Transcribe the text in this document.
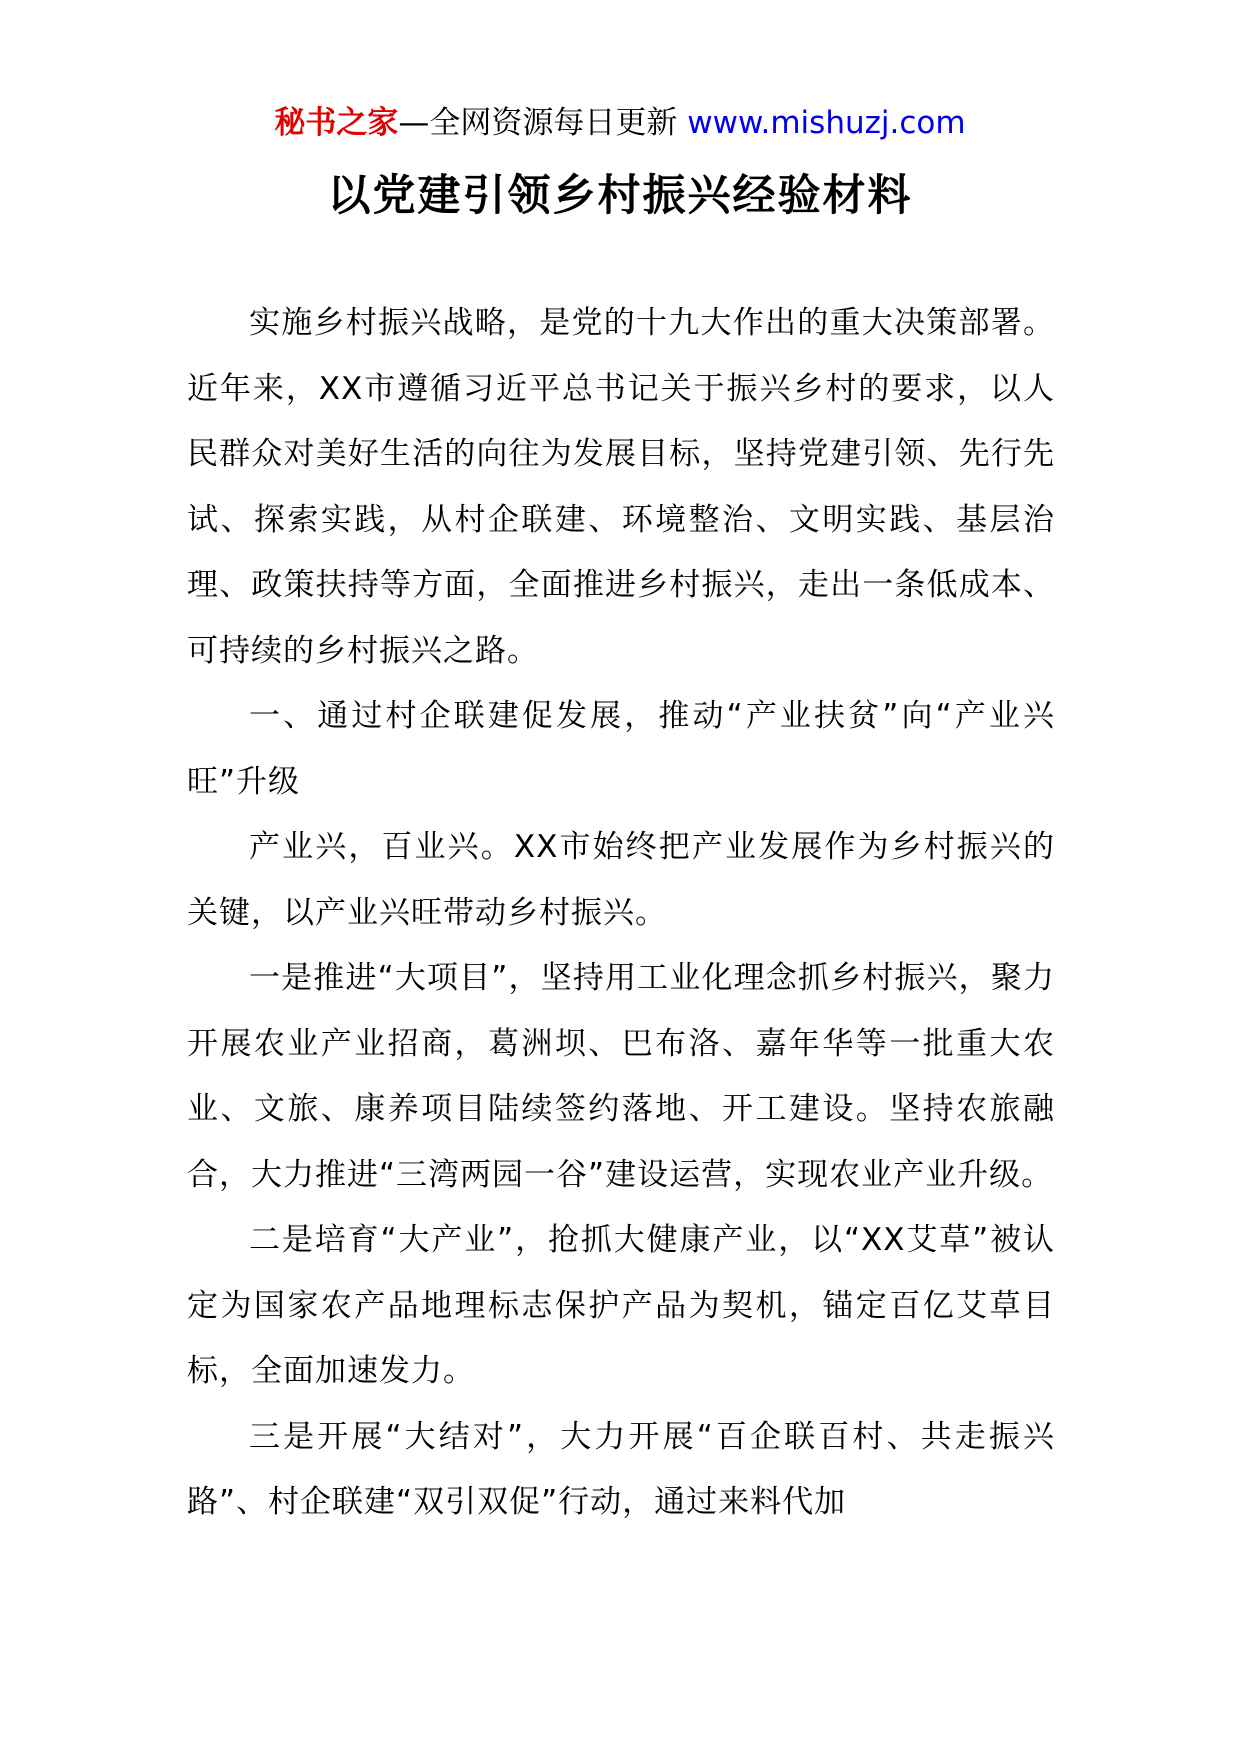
秘书之家—全网资源每日更新 www.mishuzj.com
以党建引领乡村振兴经验材料

实施乡村振兴战略，是党的十九大作出的重大决策部署。近年来，XX市遵循习近平总书记关于振兴乡村的要求，以人民群众对美好生活的向往为发展目标，坚持党建引领、先行先试、探索实践，从村企联建、环境整治、文明实践、基层治理、政策扶持等方面，全面推进乡村振兴，走出一条低成本、可持续的乡村振兴之路。

一、通过村企联建促发展，推动“产业扶贫”向“产业兴旺”升级

产业兴，百业兴。XX市始终把产业发展作为乡村振兴的关键，以产业兴旺带动乡村振兴。

一是推进“大项目”，坚持用工业化理念抓乡村振兴，聚力开展农业产业招商，葛洲坝、巴布洛、嘉年华等一批重大农业、文旅、康养项目陆续签约落地、开工建设。坚持农旅融合，大力推进“三湾两园一谷”建设运营，实现农业产业升级。

二是培育“大产业”，抢抓大健康产业，以“XX艾草”被认定为国家农产品地理标志保护产品为契机，锚定百亿艾草目标，全面加速发力。

三是开展“大结对”，大力开展“百企联百村、共走振兴路”、村企联建“双引双促”行动，通过来料代加
